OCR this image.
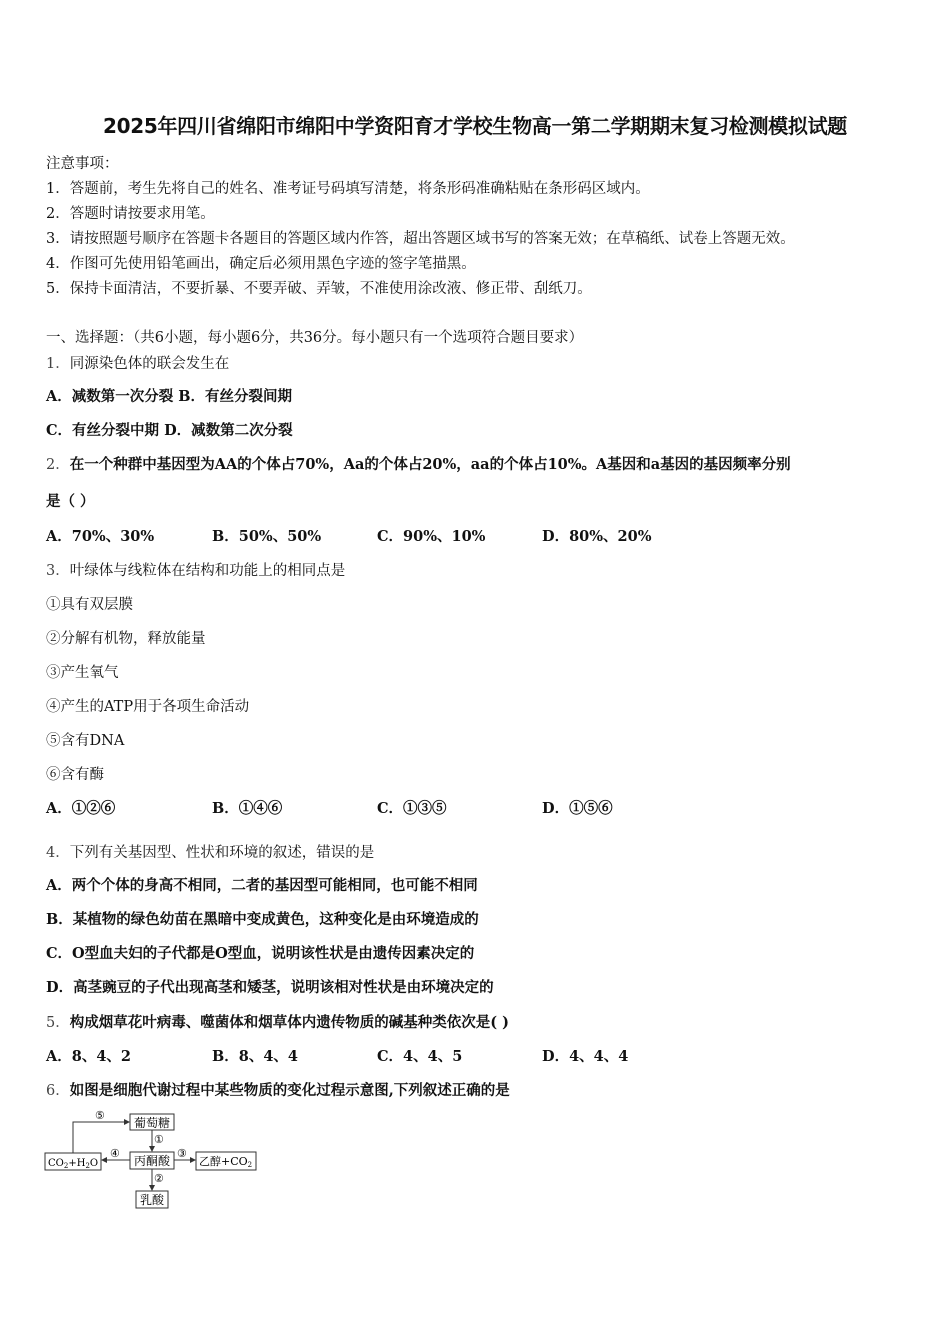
2025年四川省绵阳市绵阳中学资阳育才学校生物高一第二学期期末复习检测模拟试题
注意事项：
1．答题前，考生先将自己的姓名、准考证号码填写清楚，将条形码准确粘贴在条形码区域内。
2．答题时请按要求用笔。
3．请按照题号顺序在答题卡各题目的答题区域内作答，超出答题区域书写的答案无效；在草稿纸、试卷上答题无效。
4．作图可先使用铅笔画出，确定后必须用黑色字迹的签字笔描黑。
5．保持卡面清洁，不要折暴、不要弄破、弄皱，不准使用涂改液、修正带、刮纸刀。
一、选择题：（共6小题，每小题6分，共36分。每小题只有一个选项符合题目要求）
1．同源染色体的联会发生在
A．减数第一次分裂 B．有丝分裂间期
C．有丝分裂中期 D．减数第二次分裂
2．在一个种群中基因型为AA的个体占70%，Aa的个体占20%，aa的个体占10%。A基因和a基因的基因频率分别
是（ ）
A．70%、30%	B．50%、50%	C．90%、10%	D．80%、20%
3．叶绿体与线粒体在结构和功能上的相同点是
①具有双层膜
②分解有机物，释放能量
③产生氧气
④产生的ATP用于各项生命活动
⑤含有DNA
⑥含有酶
A．①②⑥	B．①④⑥	C．①③⑤	D．①⑤⑥
4．下列有关基因型、性状和环境的叙述，错误的是
A．两个个体的身高不相同，二者的基因型可能相同，也可能不相同
B．某植物的绿色幼苗在黑暗中变成黄色，这种变化是由环境造成的
C．O型血夫妇的子代都是O型血，说明该性状是由遗传因素决定的
D．高茎豌豆的子代出现高茎和矮茎，说明该相对性状是由环境决定的
5．构成烟草花叶病毒、噬菌体和烟草体内遗传物质的碱基种类依次是( )
A．8、4、2	B．8、4、4	C．4、4、5	D．4、4、4
6．如图是细胞代谢过程中某些物质的变化过程示意图,下列叙述正确的是
葡萄糖
丙酮酸
$CO_2+H_2O$	乙醇+CO2
乳酸
①
②
③
④
⑤
